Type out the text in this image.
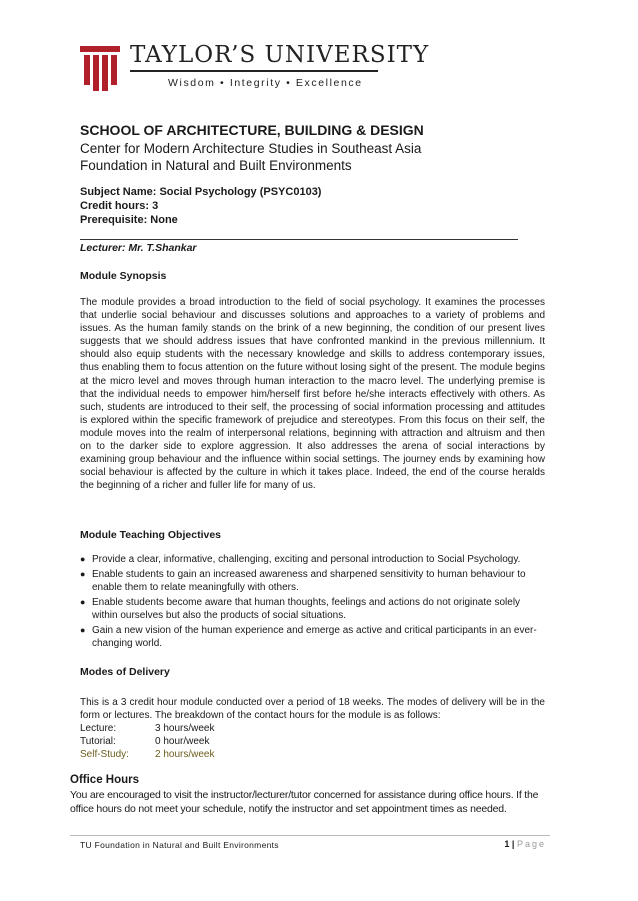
TAYLOR’S UNIVERSITY
Wisdom • Integrity • Excellence
SCHOOL OF ARCHITECTURE, BUILDING & DESIGN
Center for Modern Architecture Studies in Southeast Asia
Foundation in Natural and Built Environments
Subject Name: Social Psychology (PSYC0103)
Credit hours: 3
Prerequisite: None
Lecturer: Mr. T.Shankar
Module Synopsis
The module provides a broad introduction to the field of social psychology. It examines the processes that underlie social behaviour and discusses solutions and approaches to a variety of problems and issues. As the human family stands on the brink of a new beginning, the condition of our present lives suggests that we should address issues that have confronted mankind in the previous millennium. It should also equip students with the necessary knowledge and skills to address contemporary issues, thus enabling them to focus attention on the future without losing sight of the present. The module begins at the micro level and moves through human interaction to the macro level. The underlying premise is that the individual needs to empower him/herself first before he/she interacts effectively with others. As such, students are introduced to their self, the processing of social information processing and attitudes is explored within the specific framework of prejudice and stereotypes. From this focus on their self, the module moves into the realm of interpersonal relations, beginning with attraction and altruism and then on to the darker side to explore aggression. It also addresses the arena of social interactions by examining group behaviour and the influence within social settings. The journey ends by examining how social behaviour is affected by the culture in which it takes place. Indeed, the end of the course heralds the beginning of a richer and fuller life for many of us.
Module Teaching Objectives
● Provide a clear, informative, challenging, exciting and personal introduction to Social Psychology.
● Enable students to gain an increased awareness and sharpened sensitivity to human behaviour to enable them to relate meaningfully with others.
● Enable students become aware that human thoughts, feelings and actions do not originate solely within ourselves but also the products of social situations.
● Gain a new vision of the human experience and emerge as active and critical participants in an ever-changing world.
Modes of Delivery
This is a 3 credit hour module conducted over a period of 18 weeks. The modes of delivery will be in the form or lectures. The breakdown of the contact hours for the module is as follows:
Lecture:	3 hours/week
Tutorial:	0 hour/week
Self-Study:	2 hours/week
Office Hours
You are encouraged to visit the instructor/lecturer/tutor concerned for assistance during office hours. If the office hours do not meet your schedule, notify the instructor and set appointment times as needed.
TU Foundation in Natural and Built Environments	1 | Page
